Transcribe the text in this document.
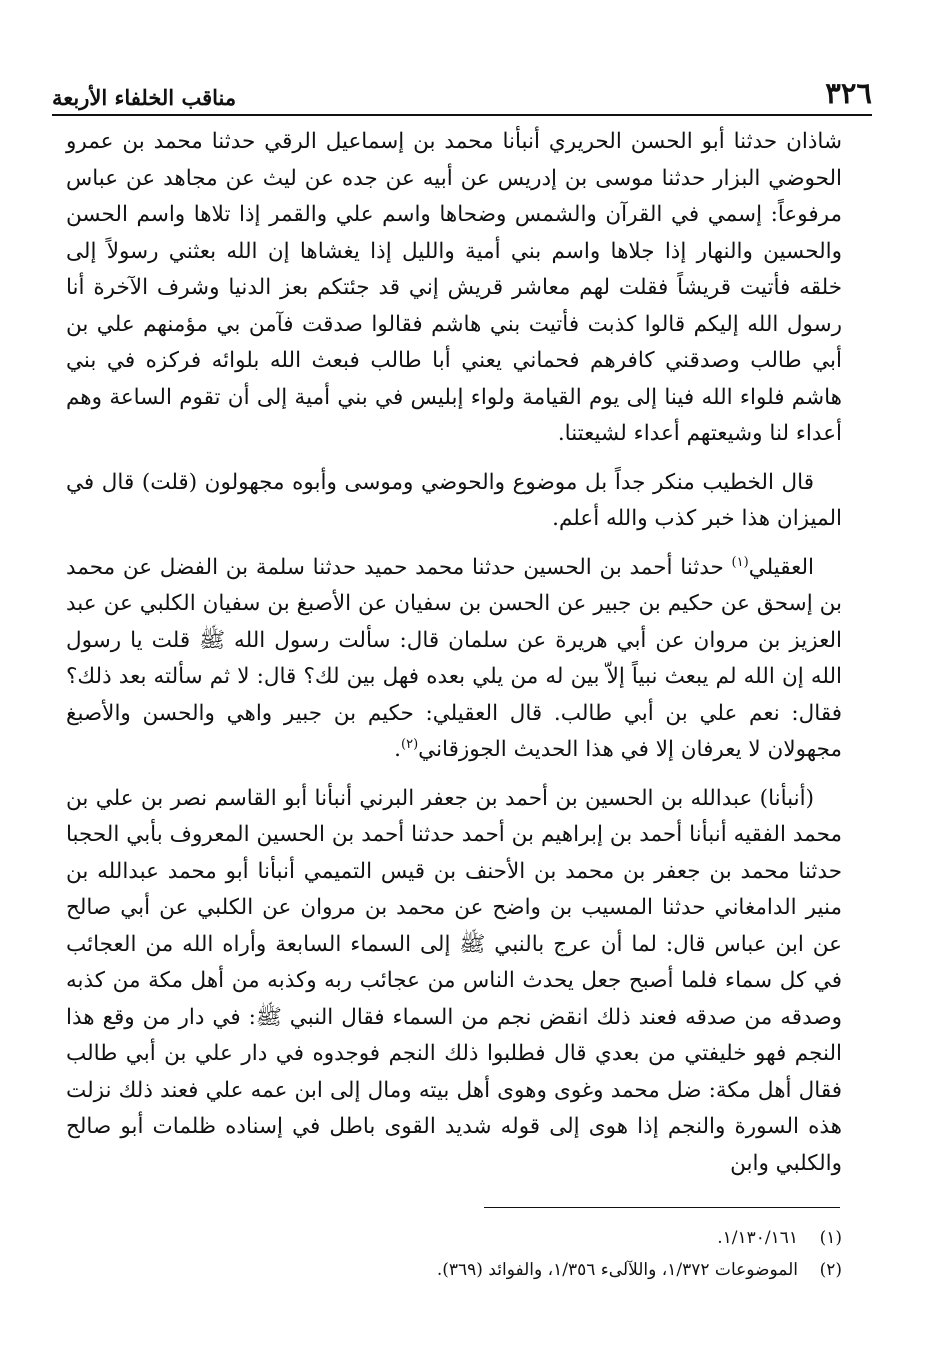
٣٢٦
مناقب الخلفاء الأربعة

شاذان حدثنا أبو الحسن الحريري أنبأنا محمد بن إسماعيل الرقي حدثنا محمد بن عمرو الحوضي البزار حدثنا موسى بن إدريس عن أبيه عن جده عن ليث عن مجاهد عن عباس مرفوعاً: إسمي في القرآن والشمس وضحاها واسم علي والقمر إذا تلاها واسم الحسن والحسين والنهار إذا جلاها واسم بني أمية والليل إذا يغشاها إن الله بعثني رسولاً إلى خلقه فأتيت قريشاً فقلت لهم معاشر قريش إني قد جئتكم بعز الدنيا وشرف الآخرة أنا رسول الله إليكم قالوا كذبت فأتيت بني هاشم فقالوا صدقت فآمن بي مؤمنهم علي بن أبي طالب وصدقني كافرهم فحماني يعني أبا طالب فبعث الله بلوائه فركزه في بني هاشم فلواء الله فينا إلى يوم القيامة ولواء إبليس في بني أمية إلى أن تقوم الساعة وهم أعداء لنا وشيعتهم أعداء لشيعتنا.

قال الخطيب منكر جداً بل موضوع والحوضي وموسى وأبوه مجهولون (قلت) قال في الميزان هذا خبر كذب والله أعلم.

العقيلي$^{(١)}$ حدثنا أحمد بن الحسين حدثنا محمد حميد حدثنا سلمة بن الفضل عن محمد بن إسحق عن حكيم بن جبير عن الحسن بن سفيان عن الأصبغ بن سفيان الكلبي عن عبد العزيز بن مروان عن أبي هريرة عن سلمان قال: سألت رسول الله ﷺ قلت يا رسول الله إن الله لم يبعث نبياً إلاّ بين له من يلي بعده فهل بين لك؟ قال: لا ثم سألته بعد ذلك؟ فقال: نعم علي بن أبي طالب. قال العقيلي: حكيم بن جبير واهي والحسن والأصبغ مجهولان لا يعرفان إلا في هذا الحديث الجوزقاني$^{(٢)}$.

(أنبأنا) عبدالله بن الحسين بن أحمد بن جعفر البرني أنبأنا أبو القاسم نصر بن علي بن محمد الفقيه أنبأنا أحمد بن إبراهيم بن أحمد حدثنا أحمد بن الحسين المعروف بأبي الحجبا حدثنا محمد بن جعفر بن محمد بن الأحنف بن قيس التميمي أنبأنا أبو محمد عبدالله بن منير الدامغاني حدثنا المسيب بن واضح عن محمد بن مروان عن الكلبي عن أبي صالح عن ابن عباس قال: لما أن عرج بالنبي ﷺ إلى السماء السابعة وأراه الله من العجائب في كل سماء فلما أصبح جعل يحدث الناس من عجائب ربه وكذبه من أهل مكة من كذبه وصدقه من صدقه فعند ذلك انقض نجم من السماء فقال النبي ﷺ: في دار من وقع هذا النجم فهو خليفتي من بعدي قال فطلبوا ذلك النجم فوجدوه في دار علي بن أبي طالب فقال أهل مكة: ضل محمد وغوى وهوى أهل بيته ومال إلى ابن عمه علي فعند ذلك نزلت هذه السورة والنجم إذا هوى إلى قوله شديد القوى باطل في إسناده ظلمات أبو صالح والكلبي وابن

(١)
١/١٣٠/١٦١.
(٢)
الموضوعات ١/٣٧٢، واللآلىء ١/٣٥٦، والفوائد (٣٦٩).
